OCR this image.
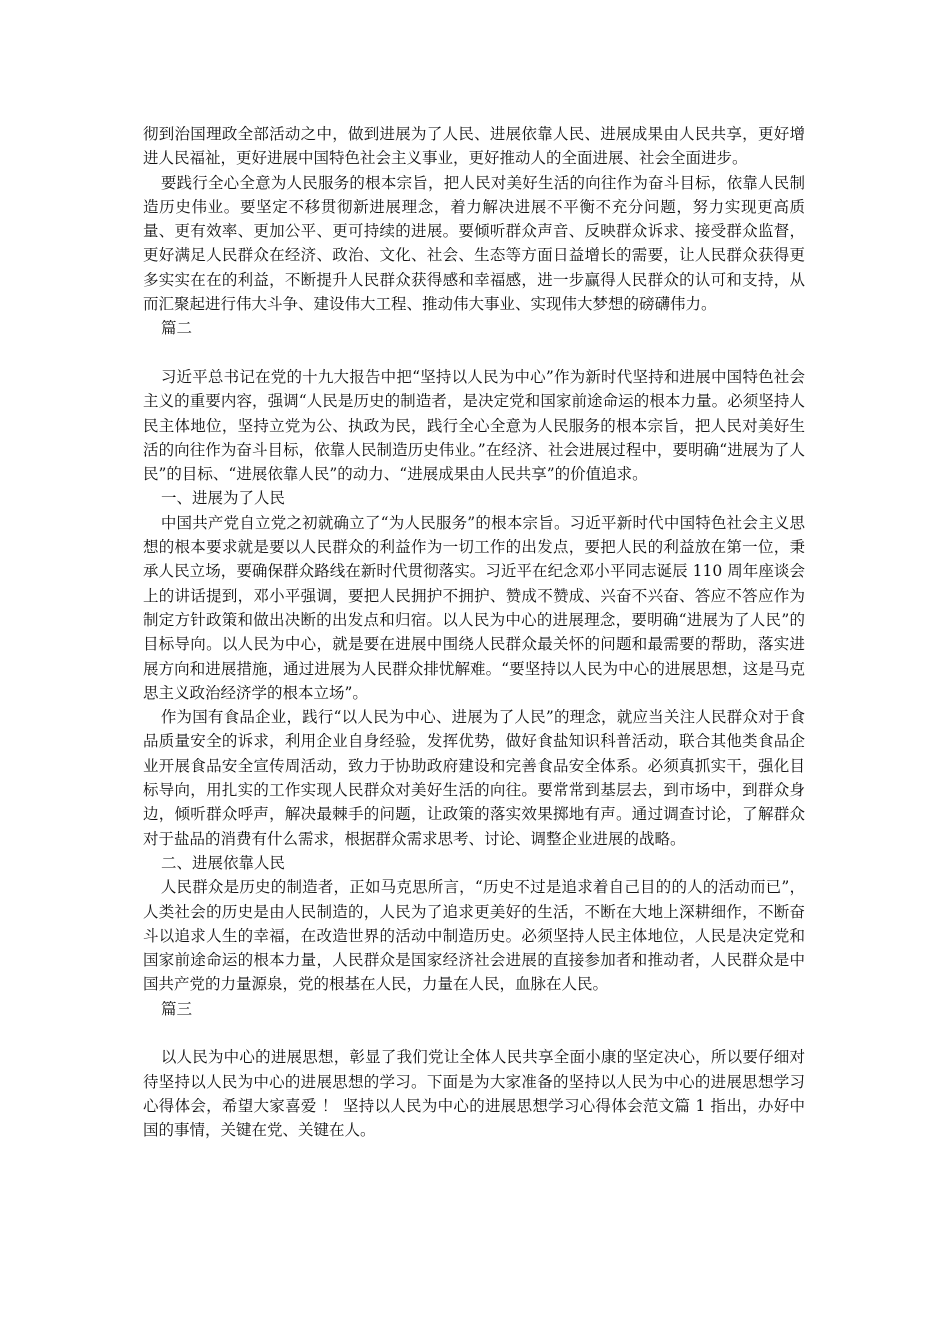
彻到治国理政全部活动之中，做到进展为了人民、进展依靠人民、进展成果由人民共享，更好增进人民福祉，更好进展中国特色社会主义事业，更好推动人的全面进展、社会全面进步。

要践行全心全意为人民服务的根本宗旨，把人民对美好生活的向往作为奋斗目标，依靠人民制造历史伟业。要坚定不移贯彻新进展理念，着力解决进展不平衡不充分问题，努力实现更高质量、更有效率、更加公平、更可持续的进展。要倾听群众声音、反映群众诉求、接受群众监督，更好满足人民群众在经济、政治、文化、社会、生态等方面日益增长的需要，让人民群众获得更多实实在在的利益，不断提升人民群众获得感和幸福感，进一步赢得人民群众的认可和支持，从而汇聚起进行伟大斗争、建设伟大工程、推动伟大事业、实现伟大梦想的磅礴伟力。

篇二

习近平总书记在党的十九大报告中把“坚持以人民为中心”作为新时代坚持和进展中国特色社会主义的重要内容，强调“人民是历史的制造者，是决定党和国家前途命运的根本力量。必须坚持人民主体地位，坚持立党为公、执政为民，践行全心全意为人民服务的根本宗旨，把人民对美好生活的向往作为奋斗目标，依靠人民制造历史伟业。”在经济、社会进展过程中，要明确“进展为了人民”的目标、“进展依靠人民”的动力、“进展成果由人民共享”的价值追求。

一、进展为了人民

中国共产党自立党之初就确立了“为人民服务”的根本宗旨。习近平新时代中国特色社会主义思想的根本要求就是要以人民群众的利益作为一切工作的出发点，要把人民的利益放在第一位，秉承人民立场，要确保群众路线在新时代贯彻落实。习近平在纪念邓小平同志诞辰 110 周年座谈会上的讲话提到，邓小平强调，要把人民拥护不拥护、赞成不赞成、兴奋不兴奋、答应不答应作为制定方针政策和做出决断的出发点和归宿。以人民为中心的进展理念，要明确“进展为了人民”的目标导向。以人民为中心，就是要在进展中围绕人民群众最关怀的问题和最需要的帮助，落实进展方向和进展措施，通过进展为人民群众排忧解难。“要坚持以人民为中心的进展思想，这是马克思主义政治经济学的根本立场”。

作为国有食品企业，践行“以人民为中心、进展为了人民”的理念，就应当关注人民群众对于食品质量安全的诉求，利用企业自身经验，发挥优势，做好食盐知识科普活动，联合其他类食品企业开展食品安全宣传周活动，致力于协助政府建设和完善食品安全体系。必须真抓实干，强化目标导向，用扎实的工作实现人民群众对美好生活的向往。要常常到基层去，到市场中，到群众身边，倾听群众呼声，解决最棘手的问题，让政策的落实效果掷地有声。通过调查讨论，了解群众对于盐品的消费有什么需求，根据群众需求思考、讨论、调整企业进展的战略。

二、进展依靠人民

人民群众是历史的制造者，正如马克思所言，“历史不过是追求着自己目的的人的活动而已”，人类社会的历史是由人民制造的，人民为了追求更美好的生活，不断在大地上深耕细作，不断奋斗以追求人生的幸福，在改造世界的活动中制造历史。必须坚持人民主体地位，人民是决定党和国家前途命运的根本力量，人民群众是国家经济社会进展的直接参加者和推动者，人民群众是中国共产党的力量源泉，党的根基在人民，力量在人民，血脉在人民。

篇三

以人民为中心的进展思想，彰显了我们党让全体人民共享全面小康的坚定决心，所以要仔细对待坚持以人民为中心的进展思想的学习。下面是为大家准备的坚持以人民为中心的进展思想学习心得体会，希望大家喜爱 ！ 坚持以人民为中心的进展思想学习心得体会范文篇 1 指出，办好中国的事情，关键在党、关键在人。
